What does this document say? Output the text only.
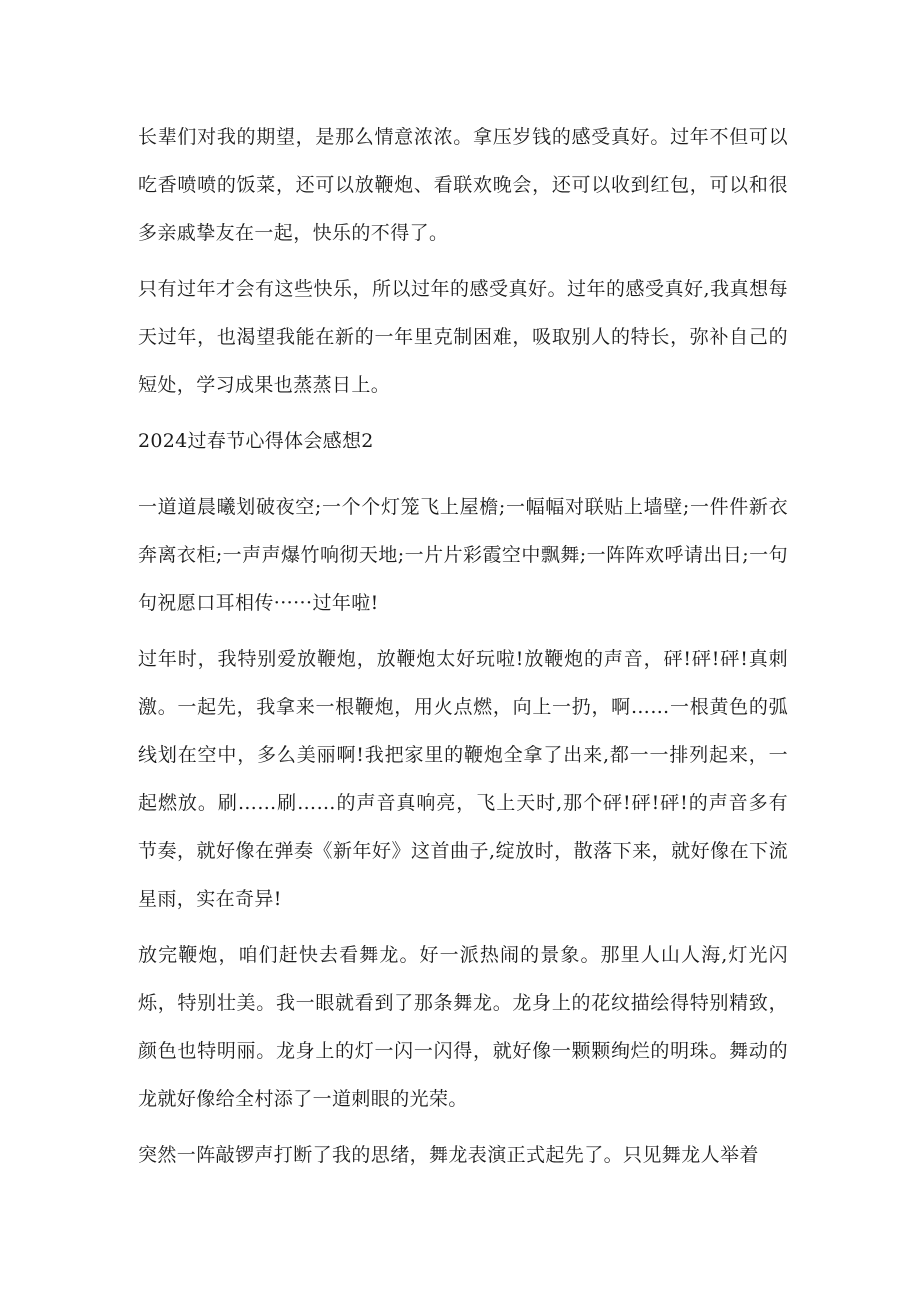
长辈们对我的期望，是那么情意浓浓。拿压岁钱的感受真好。过年不但可以吃香喷喷的饭菜，还可以放鞭炮、看联欢晚会，还可以收到红包，可以和很多亲戚挚友在一起，快乐的不得了。

只有过年才会有这些快乐，所以过年的感受真好。过年的感受真好,我真想每天过年，也渴望我能在新的一年里克制困难，吸取别人的特长，弥补自己的短处，学习成果也蒸蒸日上。

2024过春节心得体会感想2

一道道晨曦划破夜空;一个个灯笼飞上屋檐;一幅幅对联贴上墙壁;一件件新衣奔离衣柜;一声声爆竹响彻天地;一片片彩霞空中飘舞;一阵阵欢呼请出日;一句句祝愿口耳相传······过年啦!

过年时，我特别爱放鞭炮，放鞭炮太好玩啦!放鞭炮的声音，砰!砰!砰!真刺激。一起先，我拿来一根鞭炮，用火点燃，向上一扔，啊……一根黄色的弧线划在空中，多么美丽啊!我把家里的鞭炮全拿了出来,都一一排列起来，一起燃放。刷……刷……的声音真响亮，飞上天时,那个砰!砰!砰!的声音多有节奏，就好像在弹奏《新年好》这首曲子,绽放时，散落下来，就好像在下流星雨，实在奇异!

放完鞭炮，咱们赶快去看舞龙。好一派热闹的景象。那里人山人海,灯光闪烁，特别壮美。我一眼就看到了那条舞龙。龙身上的花纹描绘得特别精致，颜色也特明丽。龙身上的灯一闪一闪得，就好像一颗颗绚烂的明珠。舞动的龙就好像给全村添了一道刺眼的光荣。

突然一阵敲锣声打断了我的思绪，舞龙表演正式起先了。只见舞龙人举着
